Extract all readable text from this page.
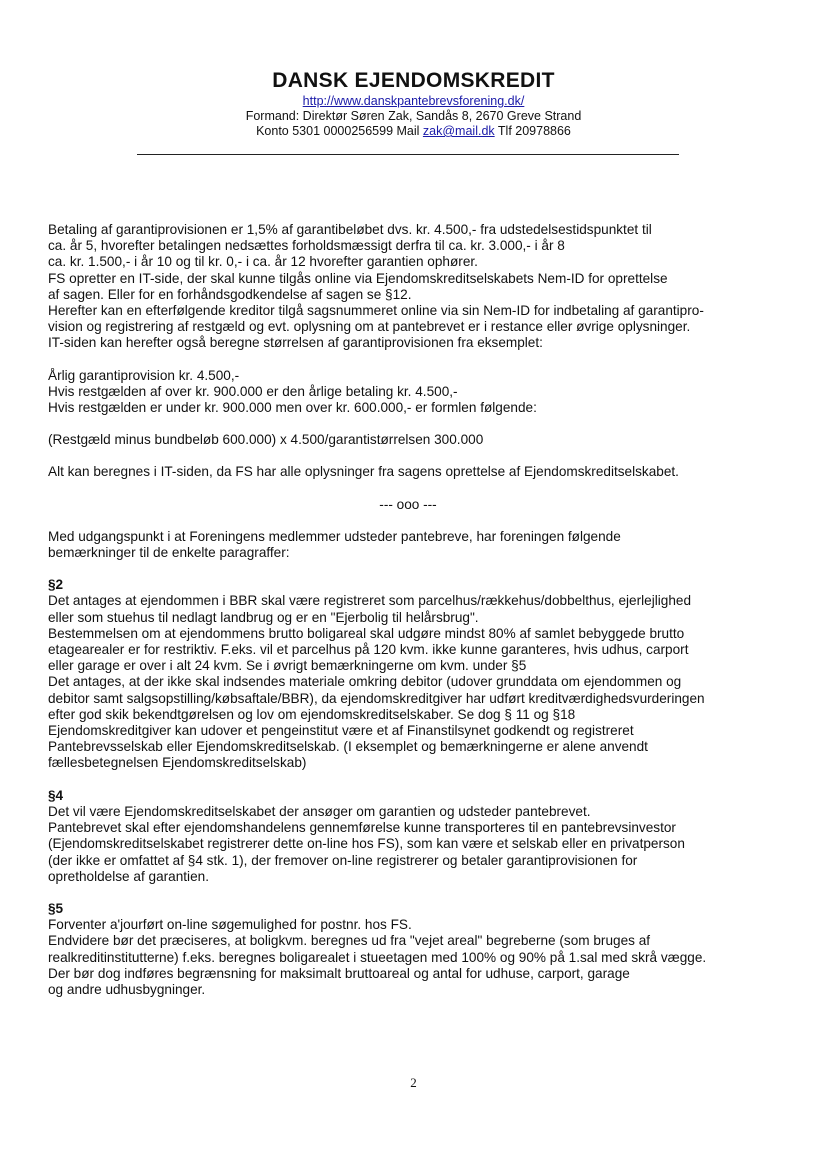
DANSK EJENDOMSKREDIT
http://www.danskpantebrevsforening.dk/
Formand: Direktør Søren Zak, Sandås 8, 2670 Greve Strand
Konto 5301 0000256599 Mail zak@mail.dk Tlf 20978866

Betaling af garantiprovisionen er 1,5% af garantibeløbet dvs. kr. 4.500,- fra udstedelsestidspunktet til

ca. år 5, hvorefter betalingen nedsættes forholdsmæssigt derfra til ca. kr. 3.000,- i år 8

ca. kr. 1.500,- i år 10 og til kr. 0,- i ca. år 12 hvorefter garantien ophører.

FS opretter en IT-side, der skal kunne tilgås online via Ejendomskreditselskabets Nem-ID for oprettelse

af sagen. Eller for en forhåndsgodkendelse af sagen se §12.

Herefter kan en efterfølgende kreditor tilgå sagsnummeret online via sin Nem-ID for indbetaling af garantipro-

vision og registrering af restgæld og evt. oplysning om at pantebrevet er i restance eller øvrige oplysninger.

IT-siden kan herefter også beregne størrelsen af garantiprovisionen fra eksemplet:

Årlig garantiprovision kr. 4.500,-

Hvis restgælden af over kr. 900.000 er den årlige betaling kr. 4.500,-

Hvis restgælden er under kr. 900.000 men over kr. 600.000,- er formlen følgende:

(Restgæld minus bundbeløb 600.000) x 4.500/garantistørrelsen 300.000

Alt kan beregnes i IT-siden, da FS har alle oplysninger fra sagens oprettelse af Ejendomskreditselskabet.

--- ooo ---

Med udgangspunkt i at Foreningens medlemmer udsteder pantebreve, har foreningen følgende

bemærkninger til de enkelte paragraffer:

§2

Det antages at ejendommen i BBR skal være registreret som parcelhus/rækkehus/dobbelthus, ejerlejlighed

eller som stuehus til nedlagt landbrug og er en "Ejerbolig til helårsbrug".

Bestemmelsen om at ejendommens brutto boligareal skal udgøre mindst 80% af samlet bebyggede brutto

etagearealer er for restriktiv. F.eks. vil et parcelhus på 120 kvm. ikke kunne garanteres, hvis udhus, carport

eller garage er over i alt 24 kvm. Se i øvrigt bemærkningerne om kvm. under §5

Det antages, at der ikke skal indsendes materiale omkring debitor (udover grunddata om ejendommen og

debitor samt salgsopstilling/købsaftale/BBR), da ejendomskreditgiver har udført kreditværdighedsvurderingen

efter god skik bekendtgørelsen og lov om ejendomskreditselskaber. Se dog § 11 og §18

Ejendomskreditgiver kan udover et pengeinstitut være et af Finanstilsynet godkendt og registreret

Pantebrevsselskab eller Ejendomskreditselskab. (I eksemplet og bemærkningerne er alene anvendt

fællesbetegnelsen Ejendomskreditselskab)

§4

Det vil være Ejendomskreditselskabet der ansøger om garantien og udsteder pantebrevet.

Pantebrevet skal efter ejendomshandelens gennemførelse kunne transporteres til en pantebrevsinvestor

(Ejendomskreditselskabet registrerer dette on-line hos FS), som kan være et selskab eller en privatperson

(der ikke er omfattet af §4 stk. 1), der fremover on-line registrerer og betaler garantiprovisionen for

opretholdelse af garantien.

§5

Forventer a'jourført on-line søgemulighed for postnr. hos FS.

Endvidere bør det præciseres, at boligkvm. beregnes ud fra "vejet areal" begreberne (som bruges af

realkreditinstitutterne) f.eks. beregnes boligarealet i stueetagen med 100% og 90% på 1.sal med skrå vægge.

Der bør dog indføres begrænsning for maksimalt bruttoareal og antal for udhuse, carport, garage

og andre udhusbygninger.

2
